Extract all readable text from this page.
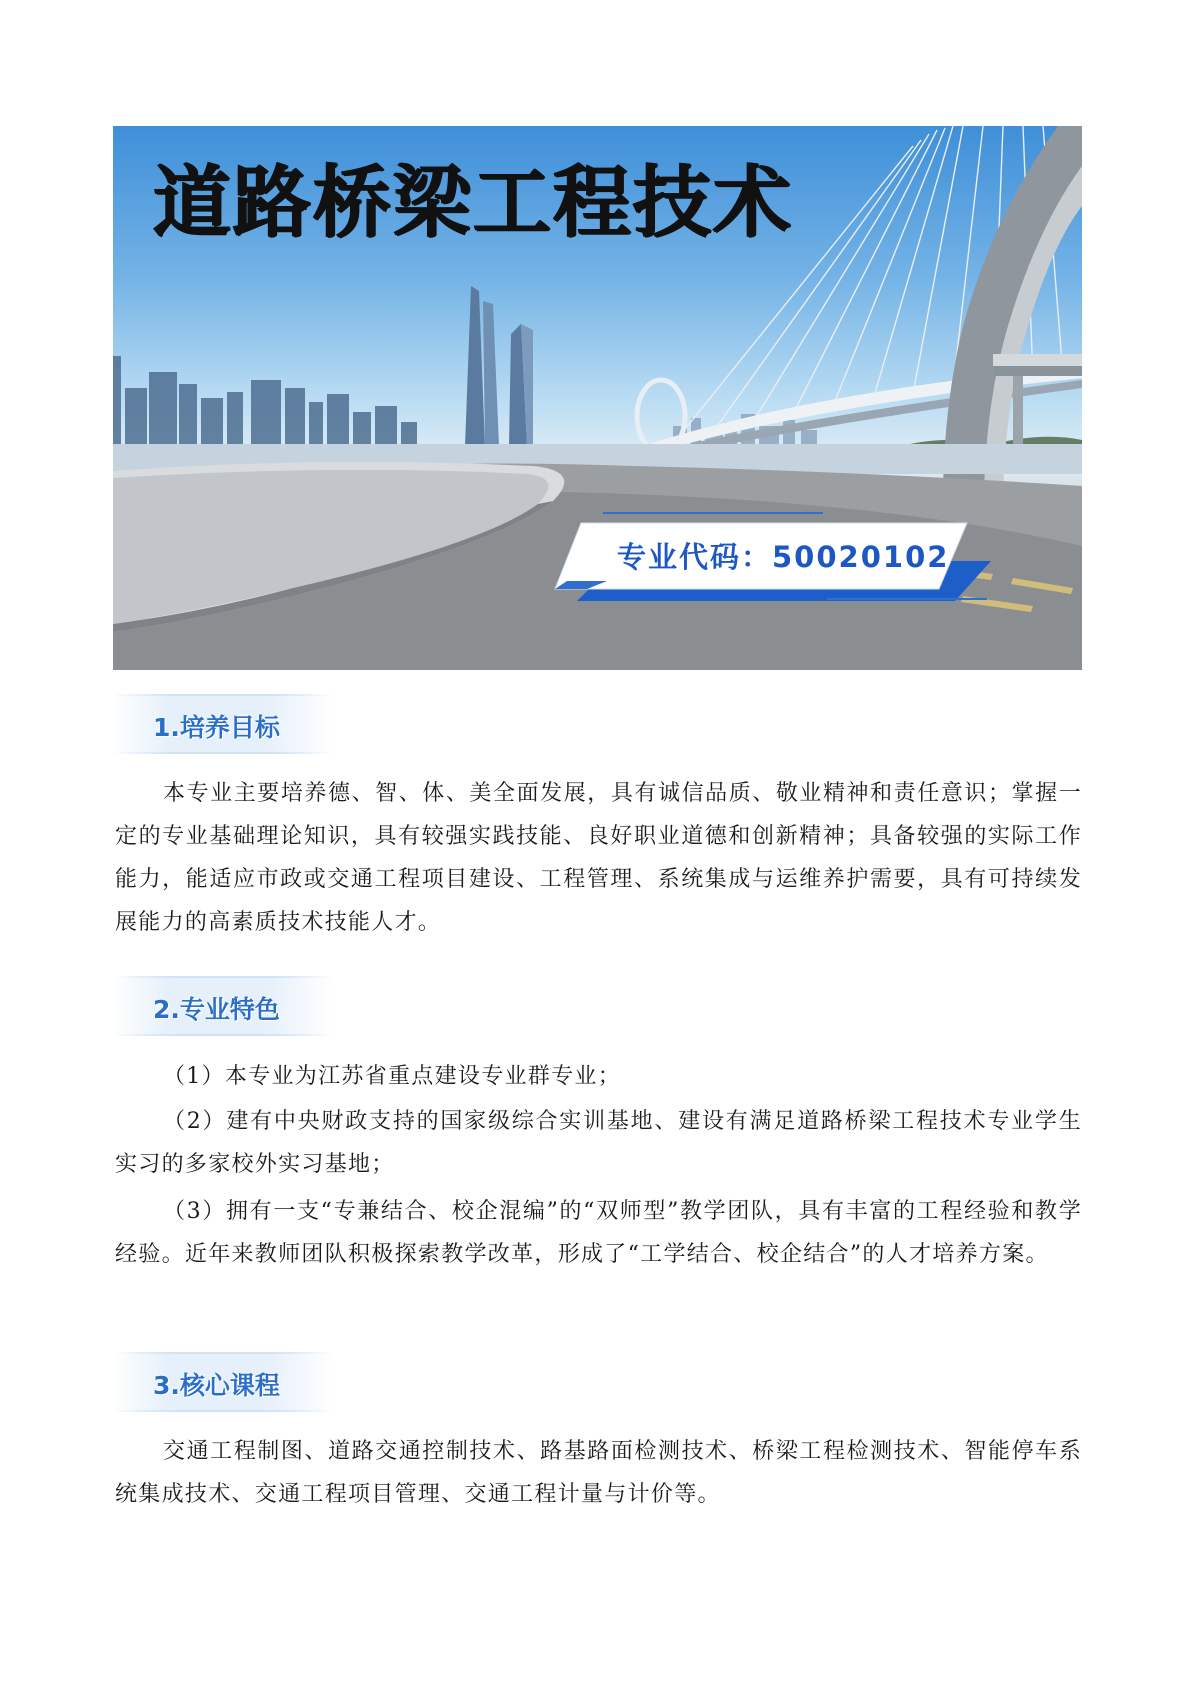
道路桥梁工程技术
专业代码：50020102
1.培养目标

本专业主要培养德、智、体、美全面发展，具有诚信品质、敬业精神和责任意识；掌握一定的专业基础理论知识，具有较强实践技能、良好职业道德和创新精神；具备较强的实际工作能力，能适应市政或交通工程项目建设、工程管理、系统集成与运维养护需要，具有可持续发展能力的高素质技术技能人才。

2.专业特色

（1）本专业为江苏省重点建设专业群专业；

（2）建有中央财政支持的国家级综合实训基地、建设有满足道路桥梁工程技术专业学生实习的多家校外实习基地；

（3）拥有一支“专兼结合、校企混编”的“双师型”教学团队，具有丰富的工程经验和教学经验。近年来教师团队积极探索教学改革，形成了“工学结合、校企结合”的人才培养方案。

3.核心课程

交通工程制图、道路交通控制技术、路基路面检测技术、桥梁工程检测技术、智能停车系统集成技术、交通工程项目管理、交通工程计量与计价等。
